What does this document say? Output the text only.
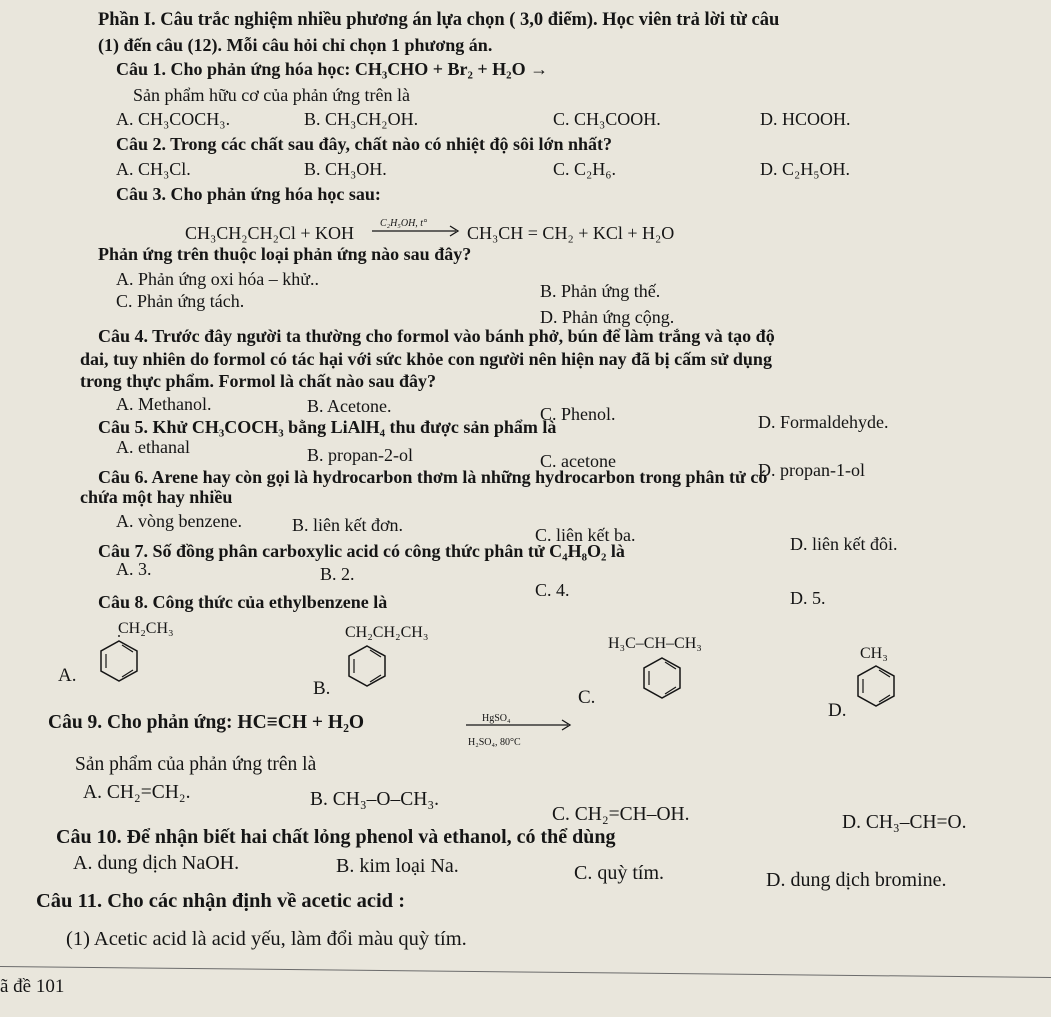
Phần I. Câu trắc nghiệm nhiều phương án lựa chọn ( 3,0 điểm). Học viên trả lời từ câu
(1) đến câu (12). Mỗi câu hỏi chỉ chọn 1 phương án.
Câu 1. Cho phản ứng hóa học: CH₃CHO + Br₂ + H₂O →
Sản phẩm hữu cơ của phản ứng trên là
A. CH₃COCH₃.	B. CH₃CH₂OH.	C. CH₃COOH.	D. HCOOH.
Câu 2. Trong các chất sau đây, chất nào có nhiệt độ sôi lớn nhất?
A. CH₃Cl.	B. CH₃OH.	C. C₂H₆.	D. C₂H₅OH.
Câu 3. Cho phản ứng hóa học sau:
CH₃CH₂CH₂Cl + KOH	C₂H₅OH, t° CH₃CH = CH₂ + KCl + H₂O
Phản ứng trên thuộc loại phản ứng nào sau đây?
A. Phản ứng oxi hóa – khử..
B. Phản ứng thế.
C. Phản ứng tách.
D. Phản ứng cộng.
Câu 4. Trước đây người ta thường cho formol vào bánh phở, bún để làm trắng và tạo độ
dai, tuy nhiên do formol có tác hại với sức khỏe con người nên hiện nay đã bị cấm sử dụng
trong thực phẩm. Formol là chất nào sau đây?
A. Methanol.	B. Acetone.	C. Phenol.	D. Formaldehyde.
Câu 5. Khử CH₃COCH₃ bằng LiAlH₄ thu được sản phẩm là
A. ethanal	B. propan-2-ol	C. acetone	D. propan-1-ol
Câu 6. Arene hay còn gọi là hydrocarbon thơm là những hydrocarbon trong phân tử có
chứa một hay nhiều
A. vòng benzene.	B. liên kết đơn.	C. liên kết ba.	D. liên kết đôi.
Câu 7. Số đồng phân carboxylic acid có công thức phân tử C₄H₈O₂ là
A. 3.	B. 2.
C. 4.	D. 5.
Câu 8. Công thức của ethylbenzene là
CH₂CH₃
A.
CH₂CH₂CH₃
B.
H₃C–CH–CH₃
C.
CH₃
D.
Câu 9. Cho phản ứng: HC≡CH + H₂O	HgSO₄
H₂SO₄, 80°C
Sản phẩm của phản ứng trên là
A. CH₂=CH₂.	B. CH₃–O–CH₃.
C. CH₂=CH–OH.	D. CH₃–CH=O.
Câu 10. Để nhận biết hai chất lỏng phenol và ethanol, có thể dùng
A. dung dịch NaOH.	B. kim loại Na.	C. quỳ tím.	D. dung dịch bromine.
Câu 11. Cho các nhận định về acetic acid :
(1) Acetic acid là acid yếu, làm đổi màu quỳ tím.
ã đề 101
